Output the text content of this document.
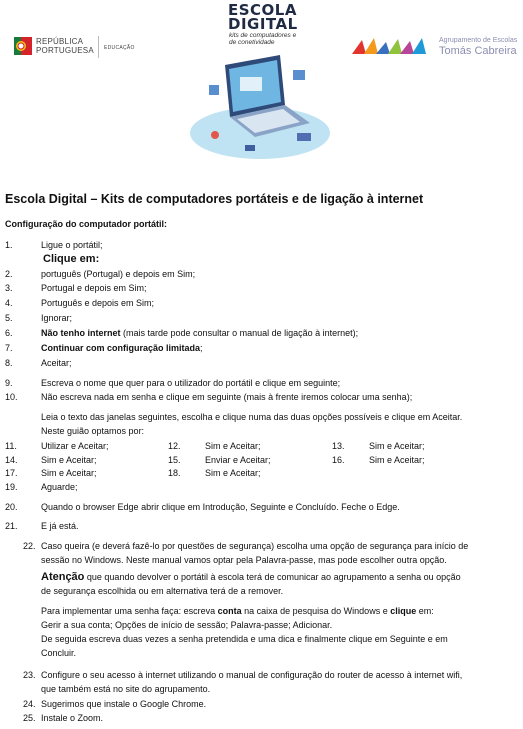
REPÚBLICA
PORTUGUESA EDUCAÇÃO
ESCOLA
DIGITAL
kits de computadores e
de conetividade	Agrupamento de Escolas
Tomás Cabreira
Escola Digital – Kits de computadores portáteis e de ligação à internet
Configuração do computador portátil:
1.	Ligue o portátil;
Clique em:
2.	português (Portugal) e depois em Sim;
3.	Portugal e depois em Sim;
4.	Português e depois em Sim;
5.	Ignorar;
6.	Não tenho internet (mais tarde pode consultar o manual de ligação à internet);
7.	Continuar com configuração limitada;
8.	Aceitar;
9.	Escreva o nome que quer para o utilizador do portátil e clique em seguinte;
10.	Não escreva nada em senha e clique em seguinte (mais à frente iremos colocar uma senha);
Leia o texto das janelas seguintes, escolha e clique numa das duas opções possíveis e clique em Aceitar.
Neste guião optamos por:
11.	Utilizar e Aceitar;	12.	Sim e Aceitar;	13.	Sim e Aceitar;
14.	Sim e Aceitar;	15.	Enviar e Aceitar;	16.	Sim e Aceitar;
17.	Sim e Aceitar;	18.	Sim e Aceitar;
19.	Aguarde;
20.	Quando o browser Edge abrir clique em Introdução, Seguinte e Concluído. Feche o Edge.
21.	E já está.
22. Caso queira (e deverá fazê-lo por questões de segurança) escolha uma opção de segurança para início de
sessão no Windows. Neste manual vamos optar pela Palavra-passe, mas pode escolher outra opção.
Atenção que quando devolver o portátil à escola terá de comunicar ao agrupamento a senha ou opção
de segurança escolhida ou em alternativa terá de a remover.
Para implementar uma senha faça: escreva conta na caixa de pesquisa do Windows e clique em:
Gerir a sua conta; Opções de início de sessão; Palavra-passe; Adicionar.
De seguida escreva duas vezes a senha pretendida e uma dica e finalmente clique em Seguinte e em
Concluir.
23. Configure o seu acesso à internet utilizando o manual de configuração do router de acesso à internet wifi,
que também está no site do agrupamento.
24. Sugerimos que instale o Google Chrome.
25. Instale o Zoom.
